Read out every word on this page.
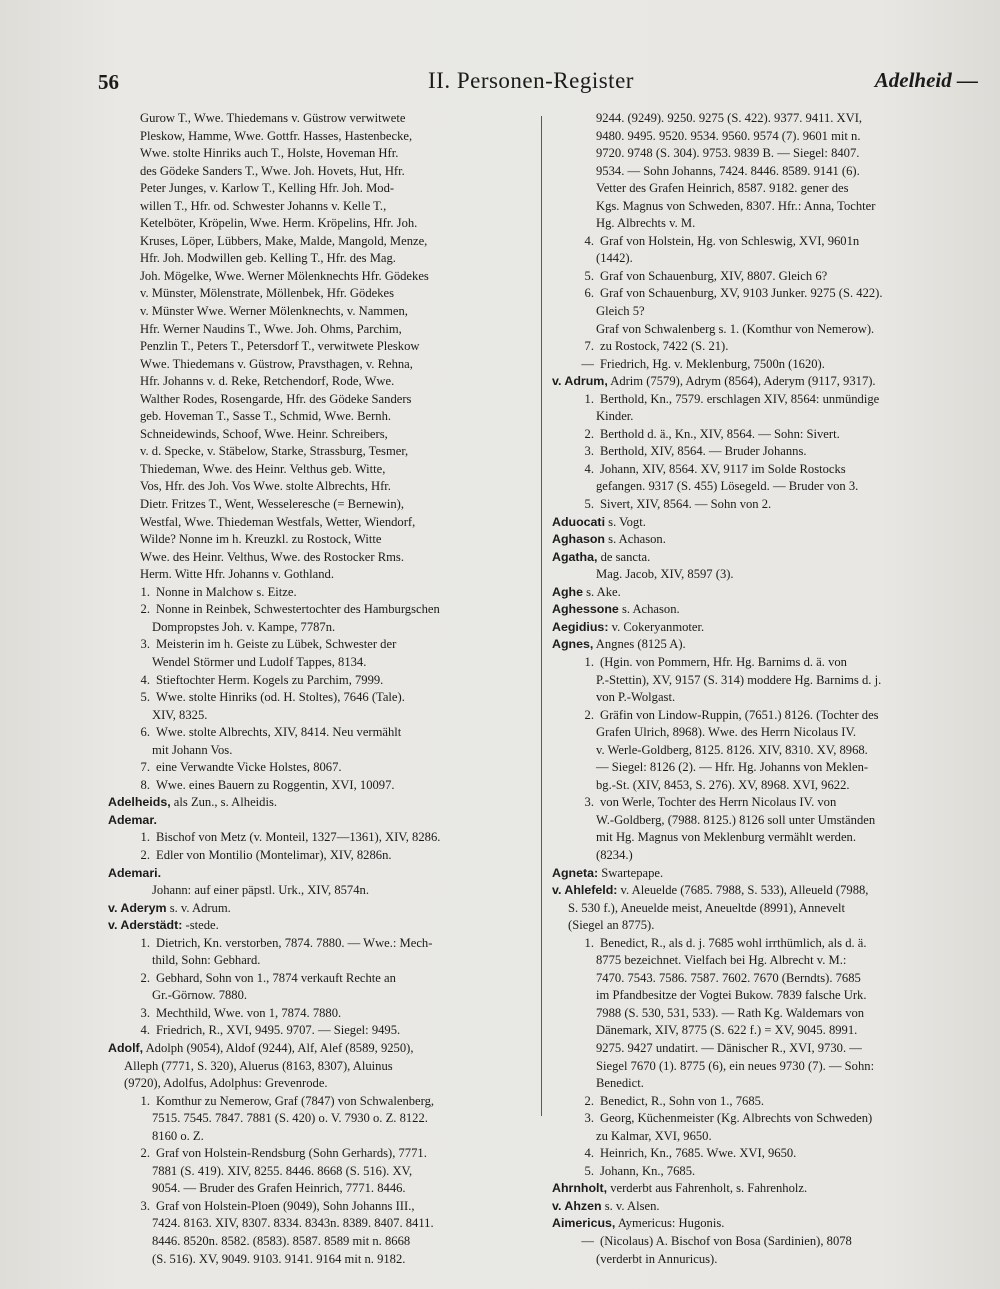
56	II. Personen-Register	Adelheid —
Gurow T., Wwe. Thiedemans v. Güstrow verwitwete
Pleskow, Hamme, Wwe. Gottfr. Hasses, Hastenbecke,
Wwe. stolte Hinriks auch T., Holste, Hoveman Hfr.
des Gödeke Sanders T., Wwe. Joh. Hovets, Hut, Hfr.
Peter Junges, v. Karlow T., Kelling Hfr. Joh. Mod-
willen T., Hfr. od. Schwester Johanns v. Kelle T.,
Ketelböter, Kröpelin, Wwe. Herm. Kröpelins, Hfr. Joh.
Kruses, Löper, Lübbers, Make, Malde, Mangold, Menze,
Hfr. Joh. Modwillen geb. Kelling T., Hfr. des Mag.
Joh. Mögelke, Wwe. Werner Mölenknechts Hfr. Gödekes
v. Münster, Mölenstrate, Möllenbek, Hfr. Gödekes
v. Münster Wwe. Werner Mölenknechts, v. Nammen,
Hfr. Werner Naudins T., Wwe. Joh. Ohms, Parchim,
Penzlin T., Peters T., Petersdorf T., verwitwete Pleskow
Wwe. Thiedemans v. Güstrow, Pravsthagen, v. Rehna,
Hfr. Johanns v. d. Reke, Retchendorf, Rode, Wwe.
Walther Rodes, Rosengarde, Hfr. des Gödeke Sanders
geb. Hoveman T., Sasse T., Schmid, Wwe. Bernh.
Schneidewinds, Schoof, Wwe. Heinr. Schreibers,
v. d. Specke, v. Stäbelow, Starke, Strassburg, Tesmer,
Thiedeman, Wwe. des Heinr. Velthus geb. Witte,
Vos, Hfr. des Joh. Vos Wwe. stolte Albrechts, Hfr.
Dietr. Fritzes T., Went, Wesseleresche (= Bernewin),
Westfal, Wwe. Thiedeman Westfals, Wetter, Wiendorf,
Wilde? Nonne im h. Kreuzkl. zu Rostock, Witte
Wwe. des Heinr. Velthus, Wwe. des Rostocker Rms.
Herm. Witte Hfr. Johanns v. Gothland.
1. Nonne in Malchow s. Eitze.
2. Nonne in Reinbek, Schwestertochter des Hamburgschen
Dompropstes Joh. v. Kampe, 7787n.
3. Meisterin im h. Geiste zu Lübek, Schwester der
Wendel Störmer und Ludolf Tappes, 8134.
4. Stieftochter Herm. Kogels zu Parchim, 7999.
5. Wwe. stolte Hinriks (od. H. Stoltes), 7646 (Tale).
XIV, 8325.
6. Wwe. stolte Albrechts, XIV, 8414. Neu vermählt
mit Johann Vos.
7. eine Verwandte Vicke Holstes, 8067.
8. Wwe. eines Bauern zu Roggentin, XVI, 10097.
Adelheids, als Zun., s. Alheidis.
Ademar.
1. Bischof von Metz (v. Monteil, 1327—1361), XIV, 8286.
2. Edler von Montilio (Montelimar), XIV, 8286n.
Ademari.
Johann: auf einer päpstl. Urk., XIV, 8574n.
v. Aderym s. v. Adrum.
v. Aderstädt: -stede.
1. Dietrich, Kn. verstorben, 7874. 7880. — Wwe.: Mech-
thild, Sohn: Gebhard.
2. Gebhard, Sohn von 1., 7874 verkauft Rechte an
Gr.-Görnow. 7880.
3. Mechthild, Wwe. von 1, 7874. 7880.
4. Friedrich, R., XVI, 9495. 9707. — Siegel: 9495.
Adolf, Adolph (9054), Aldof (9244), Alf, Alef (8589, 9250),
Alleph (7771, S. 320), Aluerus (8163, 8307), Aluinus
(9720), Adolfus, Adolphus: Grevenrode.
1. Komthur zu Nemerow, Graf (7847) von Schwalenberg,
7515. 7545. 7847. 7881 (S. 420) o. V. 7930 o. Z. 8122.
8160 o. Z.
2. Graf von Holstein-Rendsburg (Sohn Gerhards), 7771.
7881 (S. 419). XIV, 8255. 8446. 8668 (S. 516). XV,
9054. — Bruder des Grafen Heinrich, 7771. 8446.
3. Graf von Holstein-Ploen (9049), Sohn Johanns III.,
7424. 8163. XIV, 8307. 8334. 8343n. 8389. 8407. 8411.
8446. 8520n. 8582. (8583). 8587. 8589 mit n. 8668
(S. 516). XV, 9049. 9103. 9141. 9164 mit n. 9182.
9244. (9249). 9250. 9275 (S. 422). 9377. 9411. XVI,
9480. 9495. 9520. 9534. 9560. 9574 (7). 9601 mit n.
9720. 9748 (S. 304). 9753. 9839 B. — Siegel: 8407.
9534. — Sohn Johanns, 7424. 8446. 8589. 9141 (6).
Vetter des Grafen Heinrich, 8587. 9182. gener des
Kgs. Magnus von Schweden, 8307. Hfr.: Anna, Tochter
Hg. Albrechts v. M.
4. Graf von Holstein, Hg. von Schleswig, XVI, 9601n
(1442).
5. Graf von Schauenburg, XIV, 8807. Gleich 6?
6. Graf von Schauenburg, XV, 9103 Junker. 9275 (S. 422).
Gleich 5?
Graf von Schwalenberg s. 1. (Komthur von Nemerow).
7. zu Rostock, 7422 (S. 21).
— Friedrich, Hg. v. Meklenburg, 7500n (1620).
v. Adrum, Adrim (7579), Adrym (8564), Aderym (9117, 9317).
1. Berthold, Kn., 7579. erschlagen XIV, 8564: unmündige
Kinder.
2. Berthold d. ä., Kn., XIV, 8564. — Sohn: Sivert.
3. Berthold, XIV, 8564. — Bruder Johanns.
4. Johann, XIV, 8564. XV, 9117 im Solde Rostocks
gefangen. 9317 (S. 455) Lösegeld. — Bruder von 3.
5. Sivert, XIV, 8564. — Sohn von 2.
Aduocati s. Vogt.
Aghason s. Achason.
Agatha, de sancta.
Mag. Jacob, XIV, 8597 (3).
Aghe s. Ake.
Aghessone s. Achason.
Aegidius: v. Cokeryanmoter.
Agnes, Angnes (8125 A).
1. (Hgin. von Pommern, Hfr. Hg. Barnims d. ä. von
P.-Stettin), XV, 9157 (S. 314) moddere Hg. Barnims d. j.
von P.-Wolgast.
2. Gräfin von Lindow-Ruppin, (7651.) 8126. (Tochter des
Grafen Ulrich, 8968). Wwe. des Herrn Nicolaus IV.
v. Werle-Goldberg, 8125. 8126. XIV, 8310. XV, 8968.
— Siegel: 8126 (2). — Hfr. Hg. Johanns von Meklen-
bg.-St. (XIV, 8453, S. 276). XV, 8968. XVI, 9622.
3. von Werle, Tochter des Herrn Nicolaus IV. von
W.-Goldberg, (7988. 8125.) 8126 soll unter Umständen
mit Hg. Magnus von Meklenburg vermählt werden.
(8234.)
Agneta: Swartepape.
v. Ahlefeld: v. Aleuelde (7685. 7988, S. 533), Alleueld (7988,
S. 530 f.), Aneuelde meist, Aneueltde (8991), Annevelt
(Siegel an 8775).
1. Benedict, R., als d. j. 7685 wohl irrthümlich, als d. ä.
8775 bezeichnet. Vielfach bei Hg. Albrecht v. M.:
7470. 7543. 7586. 7587. 7602. 7670 (Berndts). 7685
im Pfandbesitze der Vogtei Bukow. 7839 falsche Urk.
7988 (S. 530, 531, 533). — Rath Kg. Waldemars von
Dänemark, XIV, 8775 (S. 622 f.) = XV, 9045. 8991.
9275. 9427 undatirt. — Dänischer R., XVI, 9730. —
Siegel 7670 (1). 8775 (6), ein neues 9730 (7). — Sohn:
Benedict.
2. Benedict, R., Sohn von 1., 7685.
3. Georg, Küchenmeister (Kg. Albrechts von Schweden)
zu Kalmar, XVI, 9650.
4. Heinrich, Kn., 7685. Wwe. XVI, 9650.
5. Johann, Kn., 7685.
Ahrnholt, verderbt aus Fahrenholt, s. Fahrenholz.
v. Ahzen s. v. Alsen.
Aimericus, Aymericus: Hugonis.
— (Nicolaus) A. Bischof von Bosa (Sardinien), 8078
(verderbt in Annuricus).
